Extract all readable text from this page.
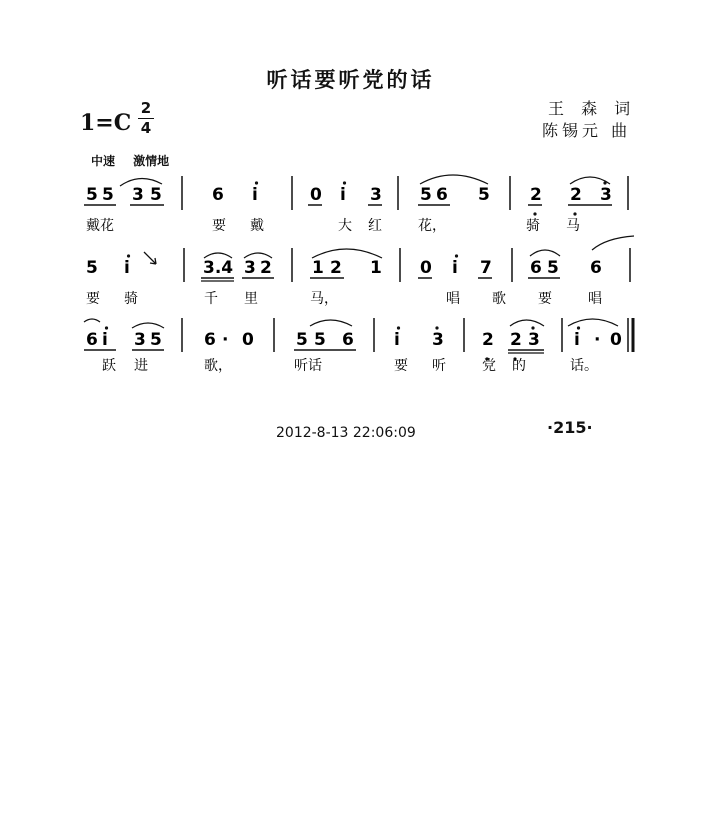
听话要听党的话
王 森 词
陈锡元 曲
1=C
2
4
中速 激情地
5 5 3 5	6 i	0 i 3 5 6 5 2 2 3
戴花	要 戴	大 红	花，	骑 马
5 i	3.4 3 2 1 2 1 0 i 7 6 5 6
要 骑	千 里	马，	唱 歌 要	唱
6 i 3 5 6 · 0 5 5 6 i 3 2 2 3 i · 0
跃 进	歌，	听话	要 听	党 的	话。
2012-8-13 22:06:09	·215·
